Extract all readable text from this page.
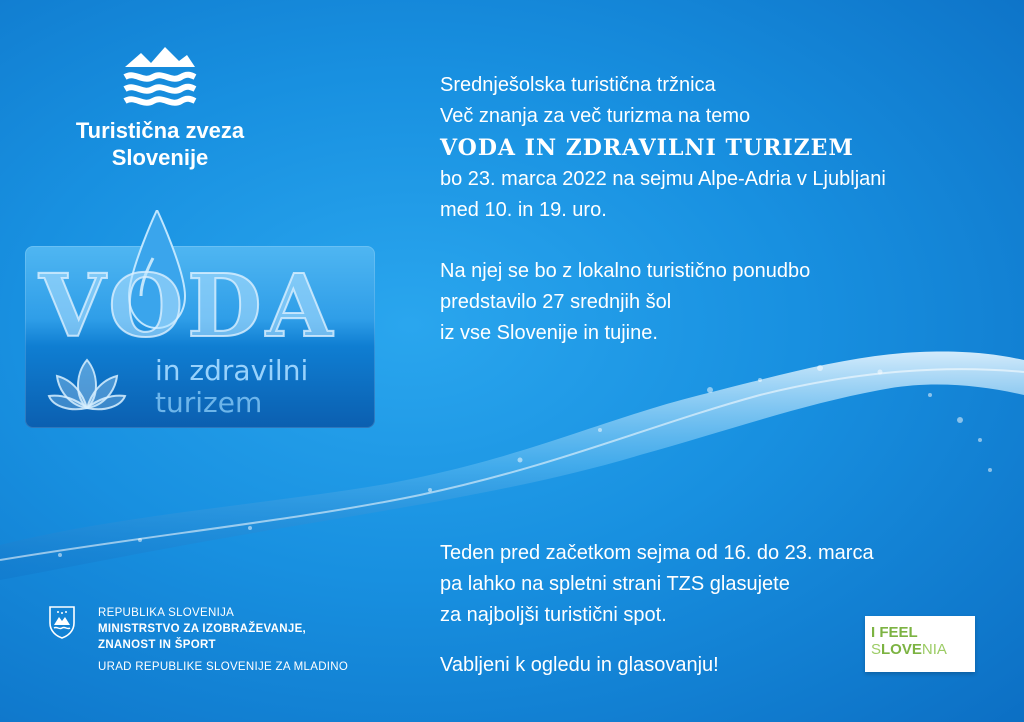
Turistična zveza
Slovenije
VODA
in zdravilni
turizem
Srednješolska turistična tržnica
Več znanja za več turizma na temo
VODA IN ZDRAVILNI TURIZEM
bo 23. marca 2022 na sejmu Alpe-Adria v Ljubljani
med 10. in 19. uro.
Na njej se bo z lokalno turistično ponudbo
predstavilo 27 srednjih šol
iz vse Slovenije in tujine.
Teden pred začetkom sejma od 16. do 23. marca
pa lahko na spletni strani TZS glasujete
za najboljši turistični spot.
Vabljeni k ogledu in glasovanju!
REPUBLIKA SLOVENIJA
MINISTRSTVO ZA IZOBRAŽEVANJE,
ZNANOST IN ŠPORT
URAD REPUBLIKE SLOVENIJE ZA MLADINO
I FEEL
SLOVENIA
